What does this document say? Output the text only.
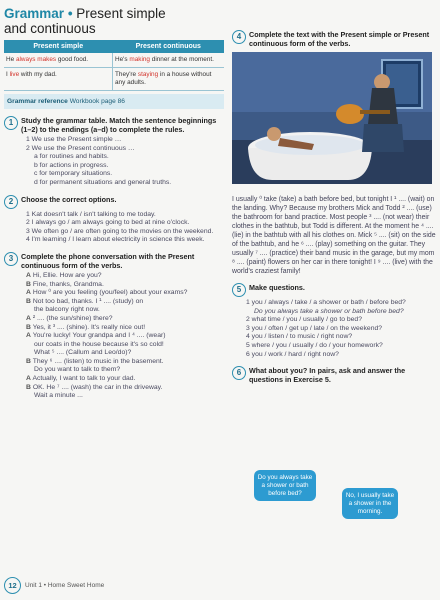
Grammar • Present simple
and continuous
Present simple	Present continuous
He always makes good food.	He's making dinner at the moment.
I live with my dad.	They're staying in a house without any adults.
Grammar reference Workbook page 86
1	Study the grammar table. Match the sentence beginnings (1–2) to the endings (a–d) to complete the rules.
1 We use the Present simple …
2 We use the Present continuous …
a for routines and habits.
b for actions in progress.
c for temporary situations.
d for permanent situations and general truths.
2	Choose the correct options.
1 Kat doesn't talk / isn't talking to me today.
2 I always go / am always going to bed at nine o'clock.
3 We often go / are often going to the movies on the weekend.
4 I'm learning / I learn about electricity in science this week.
3	Complete the phone conversation with the Present continuous form of the verbs.
A Hi, Ellie. How are you?
B Fine, thanks, Grandma.
A How ⁰ are you feeling (you/feel) about your exams?
B Not too bad, thanks. I ¹ .... (study) on
the balcony right now.
A ² .... (the sun/shine) there?
B Yes, it ³ .... (shine). It's really nice out!
A You're lucky! Your grandpa and I ⁴ .... (wear)
our coats in the house because it's so cold!
What ⁵ .... (Callum and Leo/do)?
B They ⁶ .... (listen) to music in the basement.
Do you want to talk to them?
A Actually, I want to talk to your dad.
B OK. He ⁷ .... (wash) the car in the driveway.
Wait a minute ...
4	Complete the text with the Present simple or Present continuous form of the verbs.
I usually ⁰ take (take) a bath before bed, but tonight I ¹ .... (wait) on the landing. Why? Because my brothers Mick and Todd ² .... (use) the bathroom for band practice. Most people ³ .... (not wear) their clothes in the bathtub, but Todd is different. At the moment he ⁴ .... (lie) in the bathtub with all his clothes on. Mick ⁵ .... (sit) on the side of the bathtub, and he ⁶ .... (play) something on the guitar. They usually ⁷ .... (practice) their band music in the garage, but my mom ⁸ .... (paint) flowers on her car in there tonight! I ⁹ .... (live) with the world's craziest family!
5	Make questions.
1 you / always / take / a shower or bath / before bed?
Do you always take a shower or bath before bed?
2 what time / you / usually / go to bed?
3 you / often / get up / late / on the weekend?
4 you / listen / to music / right now?
5 where / you / usually / do / your homework?
6 you / work / hard / right now?
6	What about you? In pairs, ask and answer the questions in Exercise 5.
Do you always take a shower or bath before bed?	No, I usually take a shower in the morning.
12	Unit 1 • Home Sweet Home
